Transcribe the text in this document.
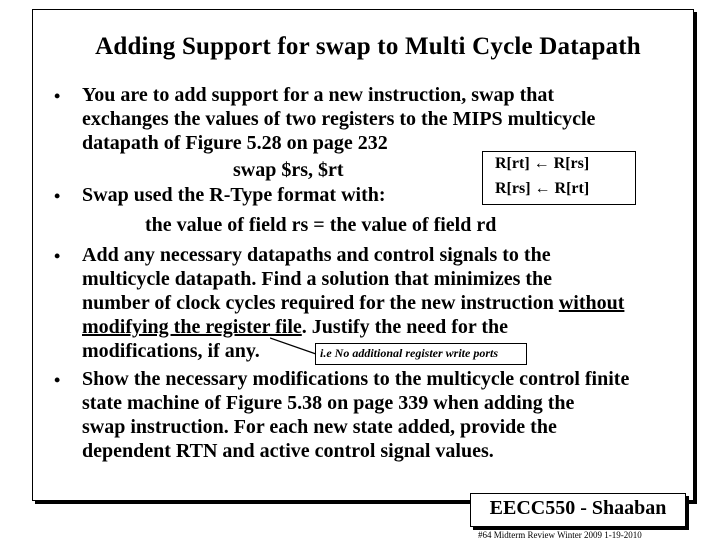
Adding Support for swap to Multi Cycle Datapath
• You are to add support for a new instruction, swap that
exchanges the values of two registers to the MIPS multicycle
datapath of Figure 5.28 on page 232
swap $rs, $rt	R[rt] ← R[rs]
R[rs] ← R[rt]
• Swap used the R-Type format with:
the value of field rs = the value of field rd
• Add any necessary datapaths and control signals to the
multicycle datapath. Find a solution that minimizes the
number of clock cycles required for the new instruction without
modifying the register file. Justify the need for the
modifications, if any.	i.e No additional register write ports
• Show the necessary modifications to the multicycle control finite
state machine of Figure 5.38 on page 339 when adding the
swap instruction. For each new state added, provide the
dependent RTN and active control signal values.
EECC550 - Shaaban
#64 Midterm Review Winter 2009 1-19-2010
